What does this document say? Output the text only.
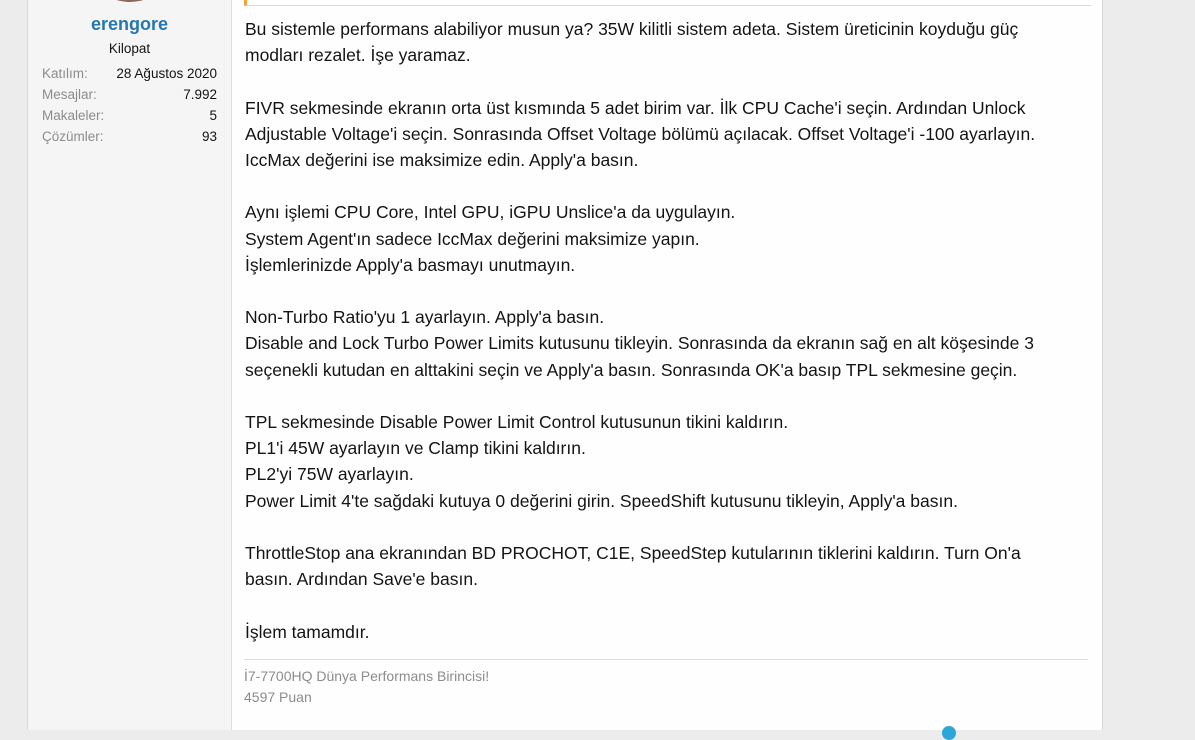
erengore
Kilopat
Katılım: 28 Ağustos 2020
Mesajlar:	7.992
Makaleler:	5
Çözümler:	93
Bu sistemle performans alabiliyor musun ya? 35W kilitli sistem adeta. Sistem üreticinin koyduğu güç
modları rezalet. İşe yaramaz.
FIVR sekmesinde ekranın orta üst kısmında 5 adet birim var. İlk CPU Cache'i seçin. Ardından Unlock
Adjustable Voltage'i seçin. Sonrasında Offset Voltage bölümü açılacak. Offset Voltage'i -100 ayarlayın.
IccMax değerini ise maksimize edin. Apply'a basın.
Aynı işlemi CPU Core, Intel GPU, iGPU Unslice'a da uygulayın.
System Agent'ın sadece IccMax değerini maksimize yapın.
İşlemlerinizde Apply'a basmayı unutmayın.
Non-Turbo Ratio'yu 1 ayarlayın. Apply'a basın.
Disable and Lock Turbo Power Limits kutusunu tikleyin. Sonrasında da ekranın sağ en alt köşesinde 3
seçenekli kutudan en alttakini seçin ve Apply'a basın. Sonrasında OK'a basıp TPL sekmesine geçin.
TPL sekmesinde Disable Power Limit Control kutusunun tikini kaldırın.
PL1'i 45W ayarlayın ve Clamp tikini kaldırın.
PL2'yi 75W ayarlayın.
Power Limit 4'te sağdaki kutuya 0 değerini girin. SpeedShift kutusunu tikleyin, Apply'a basın.
ThrottleStop ana ekranından BD PROCHOT, C1E, SpeedStep kutularının tiklerini kaldırın. Turn On'a
basın. Ardından Save'e basın.
İşlem tamamdır.
İ7-7700HQ Dünya Performans Birincisi!
4597 Puan
